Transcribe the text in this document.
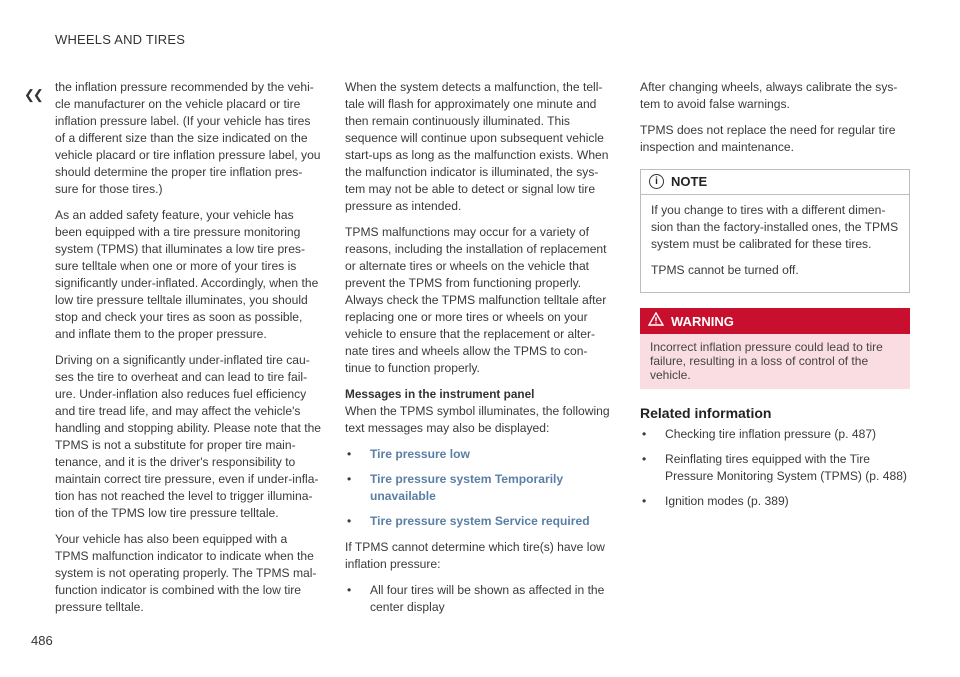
WHEELS AND TIRES
❮❮
486

the inflation pressure recommended by the vehi-cle manufacturer on the vehicle placard or tire inflation pressure label. (If your vehicle has tires of a different size than the size indicated on the vehicle placard or tire inflation pressure label, you should determine the proper tire inflation pres-sure for those tires.)

As an added safety feature, your vehicle has been equipped with a tire pressure monitoring system (TPMS) that illuminates a low tire pres-sure telltale when one or more of your tires is significantly under-inflated. Accordingly, when the low tire pressure telltale illuminates, you should stop and check your tires as soon as possible, and inflate them to the proper pressure.

Driving on a significantly under-inflated tire cau-ses the tire to overheat and can lead to tire fail-ure. Under-inflation also reduces fuel efficiency and tire tread life, and may affect the vehicle's handling and stopping ability. Please note that the TPMS is not a substitute for proper tire main-tenance, and it is the driver's responsibility to maintain correct tire pressure, even if under-infla-tion has not reached the level to trigger illumina-tion of the TPMS low tire pressure telltale.

Your vehicle has also been equipped with a TPMS malfunction indicator to indicate when the system is not operating properly. The TPMS mal-function indicator is combined with the low tire pressure telltale.

When the system detects a malfunction, the tell-tale will flash for approximately one minute and then remain continuously illuminated. This sequence will continue upon subsequent vehicle start-ups as long as the malfunction exists. When the malfunction indicator is illuminated, the sys-tem may not be able to detect or signal low tire pressure as intended.

TPMS malfunctions may occur for a variety of reasons, including the installation of replacement or alternate tires or wheels on the vehicle that prevent the TPMS from functioning properly. Always check the TPMS malfunction telltale after replacing one or more tires or wheels on your vehicle to ensure that the replacement or alter-nate tires and wheels allow the TPMS to con-tinue to function properly.

Messages in the instrument panel

When the TPMS symbol illuminates, the following text messages may also be displayed:

• Tire pressure low
• Tire pressure system Temporarily unavailable
• Tire pressure system Service required

If TPMS cannot determine which tire(s) have low inflation pressure:

• All four tires will be shown as affected in the center display

After changing wheels, always calibrate the sys-tem to avoid false warnings.

TPMS does not replace the need for regular tire inspection and maintenance.

i	NOTE

If you change to tires with a different dimen-sion than the factory-installed ones, the TPMS system must be calibrated for these tires.

TPMS cannot be turned off.

WARNING
Incorrect inflation pressure could lead to tire failure, resulting in a loss of control of the vehicle.
Related information
• Checking tire inflation pressure (p. 487)
• Reinflating tires equipped with the Tire Pressure Monitoring System (TPMS) (p. 488)
• Ignition modes (p. 389)
